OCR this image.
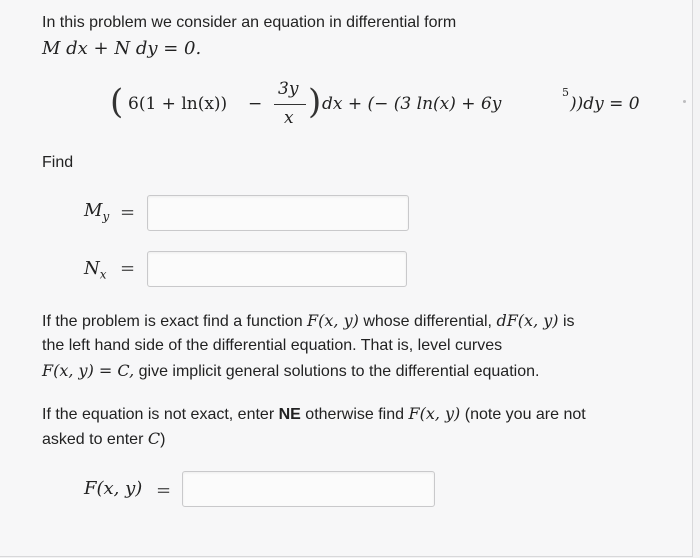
In this problem we consider an equation in differential form
M dx + N dy = 0.
( 6(1 + ln(x)) −
3y
x ) dx + (− (3 ln(x) + 6y
5
))dy = 0
Find
$M_y$ =
$N_x$ =
If the problem is exact find a function F(x, y) whose differential, dF(x, y) is
the left hand side of the differential equation. That is, level curves
F(x, y) = C, give implicit general solutions to the differential equation.
If the equation is not exact, enter NE otherwise find F(x, y) (note you are not
asked to enter C)
F(x, y) =
